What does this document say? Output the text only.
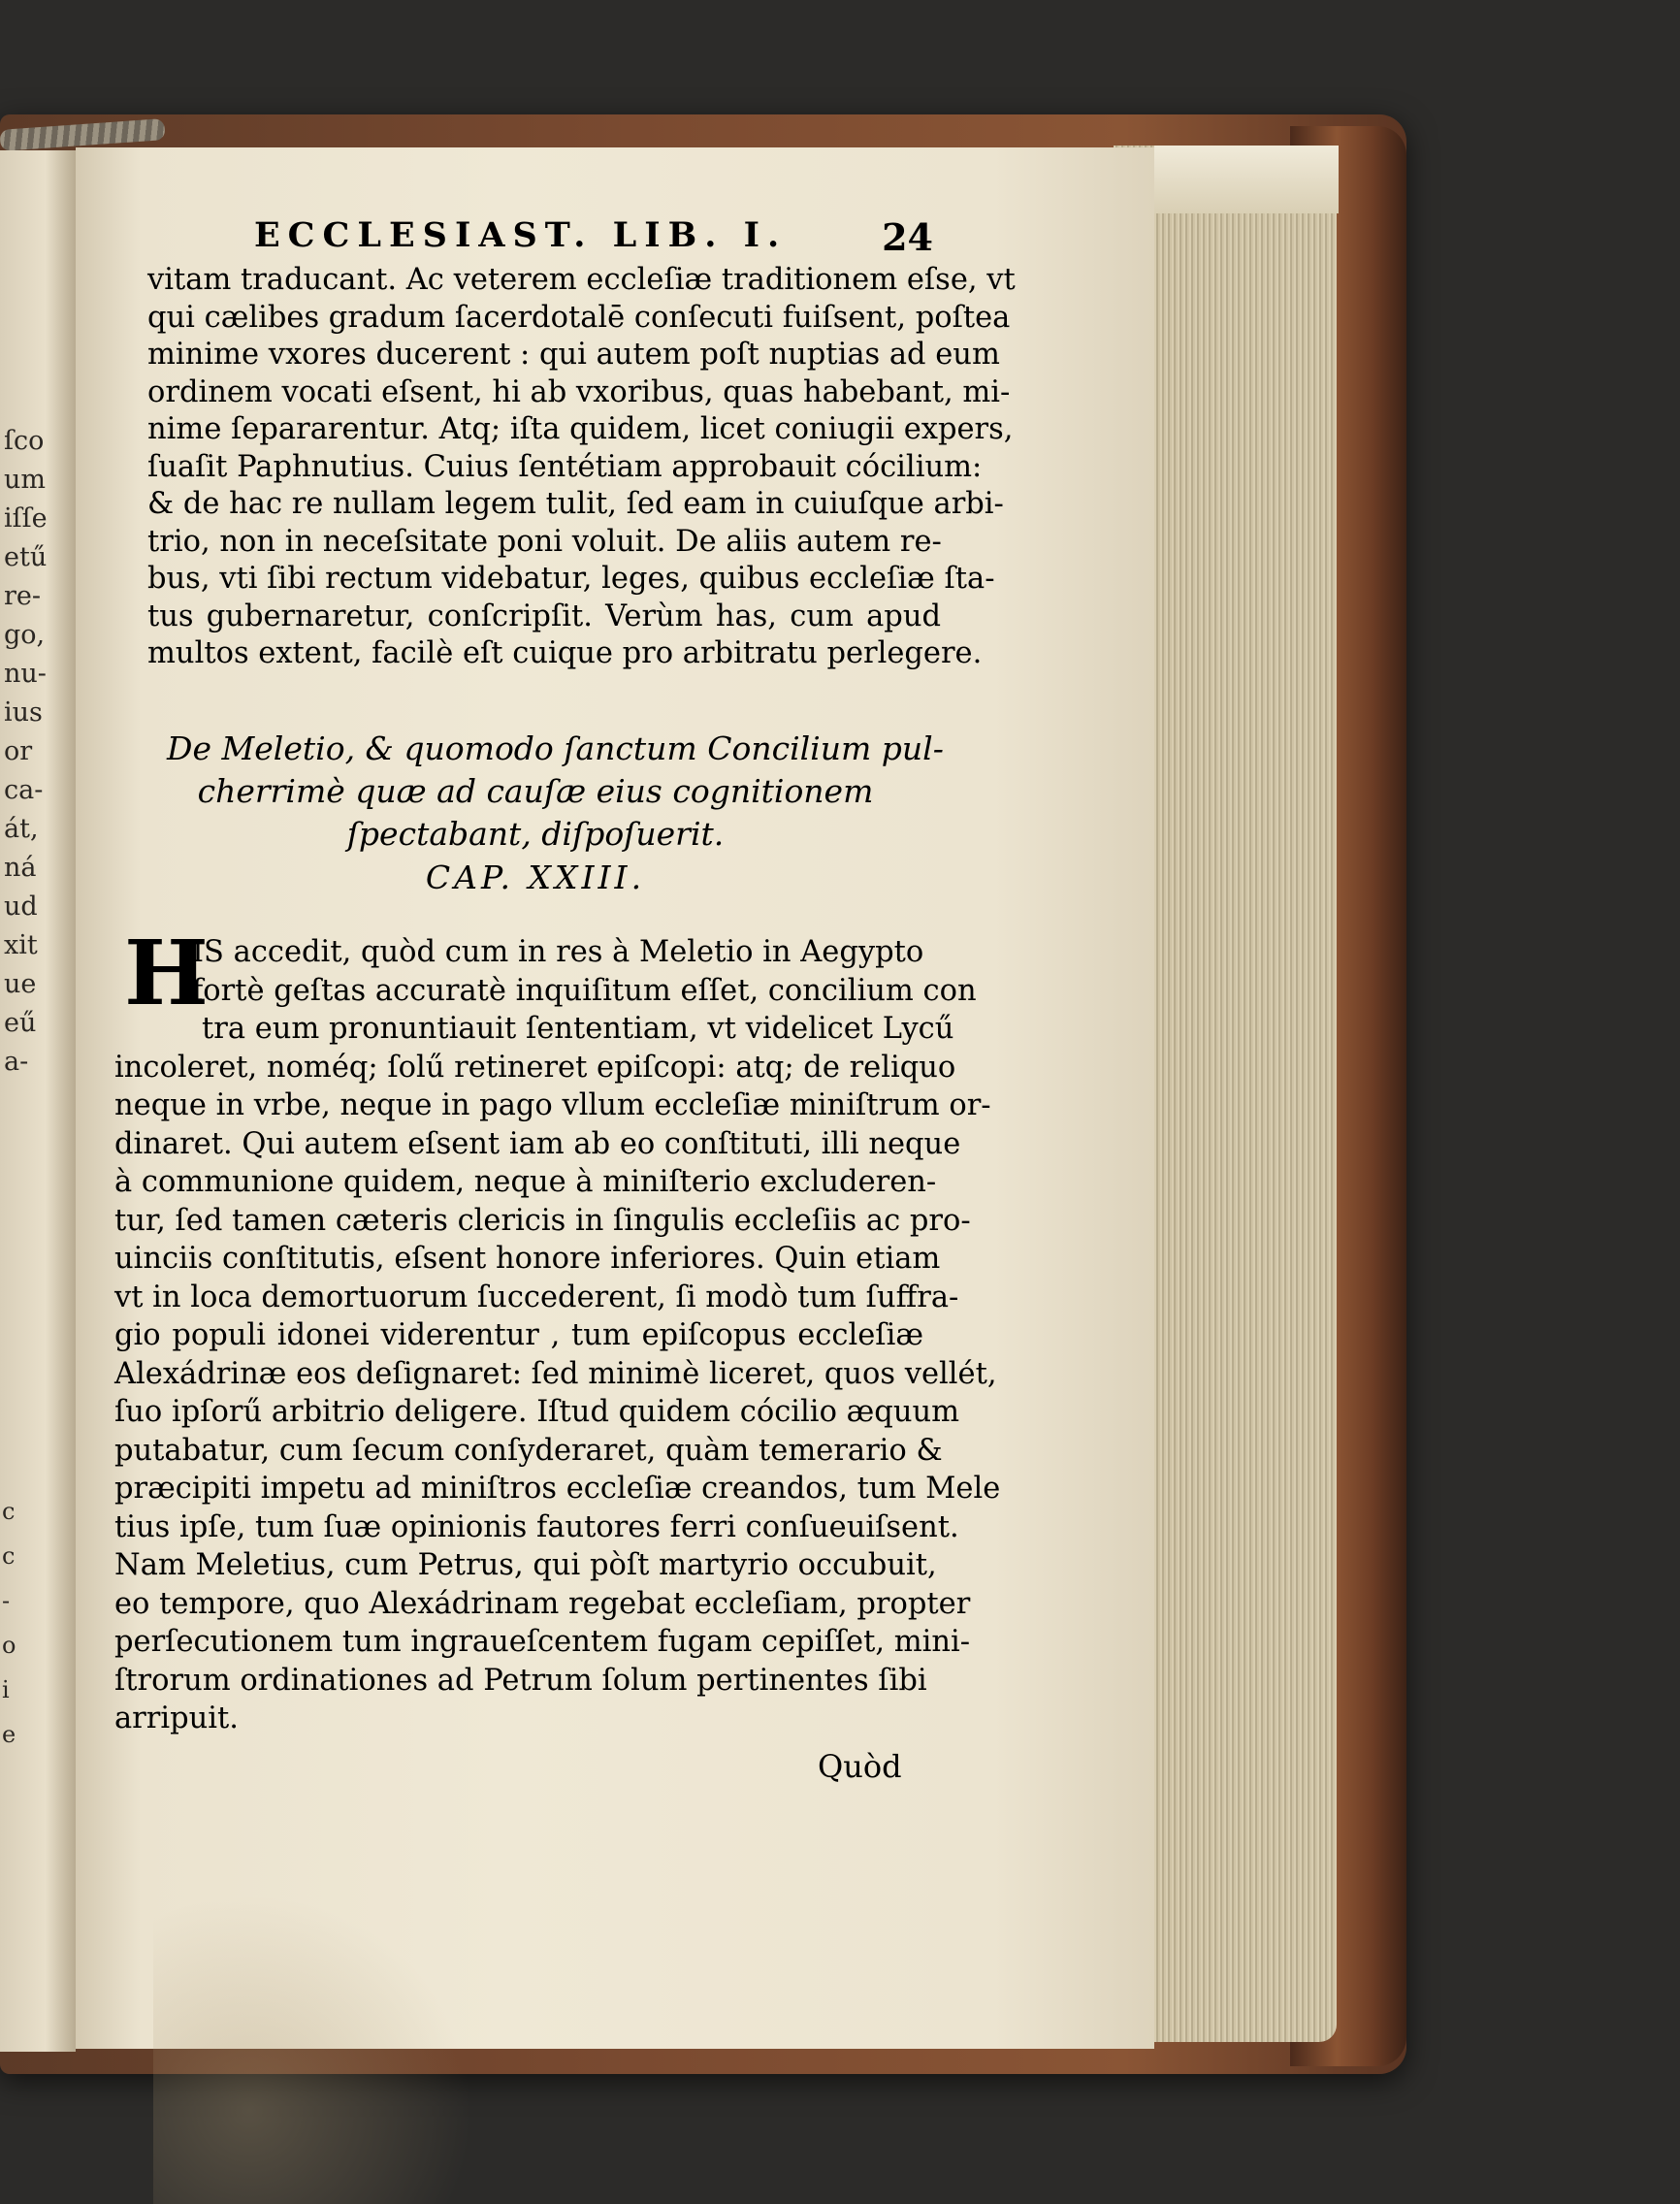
ſco
um
iſſe
etű
re-
go,
nu-
ius
or
ca-
át,
ná
ud
xit
ue
eű
a-
c
c
-
o
i
e
ECCLESIAST. LIB. I.	24
vitam traducant. Ac veterem eccleſiæ traditionem eſse, vt
qui cælibes gradum ſacerdotalē conſecuti fuiſsent, poſtea
minime vxores ducerent : qui autem poſt nuptias ad eum
ordinem vocati eſsent, hi ab vxoribus, quas habebant, mi-
nime ſepararentur. Atq; iſta quidem, licet coniugii expers,
ſuaſit Paphnutius. Cuius ſentétiam approbauit cócilium:
& de hac re nullam legem tulit, ſed eam in cuiuſque arbi-
trio, non in neceſsitate poni voluit. De aliis autem re-
bus, vti ſibi rectum videbatur, leges, quibus eccleſiæ ſta-
tus gubernaretur, conſcripſit. Verùm has, cum apud
multos extent, facilè eſt cuique pro arbitratu perlegere.
De Meletio, & quomodo ſanctum Concilium pul-
cherrimè quæ ad cauſæ eius cognitionem
ſpectabant, diſpoſuerit.
CAP. XXIII.
H
IS accedit, quòd cum in res à Meletio in Aegypto
fortè geſtas accuratè inquiſitum eſſet, concilium con
tra eum pronuntiauit ſententiam, vt videlicet Lycű
incoleret, noméq; ſolű retineret epiſcopi: atq; de reliquo
neque in vrbe, neque in pago vllum eccleſiæ miniſtrum or-
dinaret. Qui autem eſsent iam ab eo conſtituti, illi neque
à communione quidem, neque à miniſterio excluderen-
tur, ſed tamen cæteris clericis in ſingulis eccleſiis ac pro-
uinciis conſtitutis, eſsent honore inferiores. Quin etiam
vt in loca demortuorum ſuccederent, ſi modò tum ſuffra-
gio populi idonei viderentur , tum epiſcopus eccleſiæ
Alexádrinæ eos deſignaret: ſed minimè liceret, quos vellét,
ſuo ipſorű arbitrio deligere. Iſtud quidem cócilio æquum
putabatur, cum ſecum conſyderaret, quàm temerario &
præcipiti impetu ad miniſtros eccleſiæ creandos, tum Mele
tius ipſe, tum ſuæ opinionis fautores ferri conſueuiſsent.
Nam Meletius, cum Petrus, qui pòſt martyrio occubuit,
eo tempore, quo Alexádrinam regebat eccleſiam, propter
perſecutionem tum ingraueſcentem fugam cepiſſet, mini-
ſtrorum ordinationes ad Petrum ſolum pertinentes ſibi
arripuit.
Quòd
